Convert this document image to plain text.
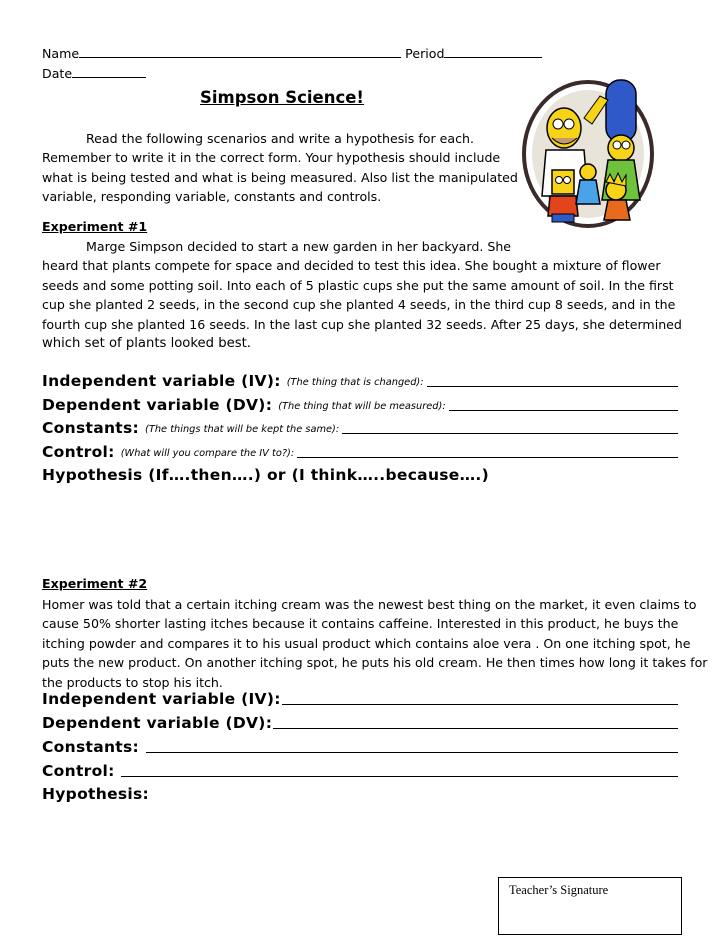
Name	Period
Date
Simpson Science!

Read the following scenarios and write a hypothesis for each.

Remember to write it in the correct form. Your hypothesis should include

what is being tested and what is being measured. Also list the manipulated

variable, responding variable, constants and controls.

Experiment #1

Marge Simpson decided to start a new garden in her backyard. She

heard that plants compete for space and decided to test this idea. She bought a mixture of flower

seeds and some potting soil. Into each of 5 plastic cups she put the same amount of soil. In the first

cup she planted 2 seeds, in the second cup she planted 4 seeds, in the third cup 8 seeds, and in the

fourth cup she planted 16 seeds. In the last cup she planted 32 seeds. After 25 days, she determined

which set of plants looked best.

Independent variable (IV): (The thing that is changed):
Dependent variable (DV): (The thing that will be measured):
Constants: (The things that will be kept the same):
Control: (What will you compare the IV to?):
Hypothesis (If….then….) or (I think…..because….)
Experiment #2

Homer was told that a certain itching cream was the newest best thing on the market, it even claims to

cause 50% shorter lasting itches because it contains caffeine. Interested in this product, he buys the

itching powder and compares it to his usual product which contains aloe vera . On one itching spot, he

puts the new product. On another itching spot, he puts his old cream. He then times how long it takes for

the products to stop his itch.

Independent variable (IV):
Dependent variable (DV):
Constants:
Control:
Hypothesis:
Teacher’s Signature
